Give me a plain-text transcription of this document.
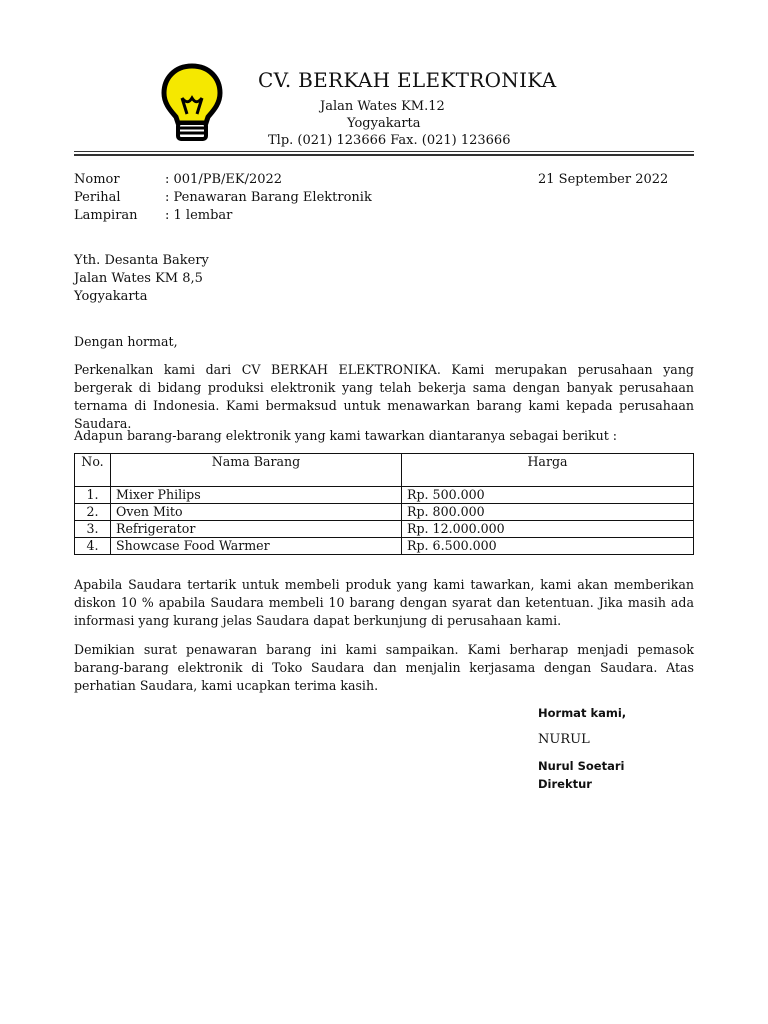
CV. BERKAH ELEKTRONIKA
Jalan Wates KM.12
Yogyakarta
Tlp. (021) 123666 Fax. (021) 123666
Nomor	: 001/PB/EK/2022	21 September 2022
Perihal	: Penawaran Barang Elektronik
Lampiran : 1 lembar
Yth. Desanta Bakery
Jalan Wates KM 8,5
Yogyakarta
Dengan hormat,
Perkenalkan kami dari CV BERKAH ELEKTRONIKA. Kami merupakan perusahaan yang bergerak di bidang produksi elektronik yang telah bekerja sama dengan banyak perusahaan ternama di Indonesia. Kami bermaksud untuk menawarkan barang kami kepada perusahaan Saudara.
Adapun barang-barang elektronik yang kami tawarkan diantaranya sebagai berikut :
No.	Nama Barang	Harga
1.	Mixer Philips	Rp. 500.000
2.	Oven Mito	Rp. 800.000
3.	Refrigerator	Rp. 12.000.000
4.	Showcase Food Warmer	Rp. 6.500.000
Apabila Saudara tertarik untuk membeli produk yang kami tawarkan, kami akan memberikan diskon 10 % apabila Saudara membeli 10 barang dengan syarat dan ketentuan. Jika masih ada informasi yang kurang jelas Saudara dapat berkunjung di perusahaan kami.
Demikian surat penawaran barang ini kami sampaikan. Kami berharap menjadi pemasok barang-barang elektronik di Toko Saudara dan menjalin kerjasama dengan Saudara. Atas perhatian Saudara, kami ucapkan terima kasih.
Hormat kami,
NURUL
Nurul Soetari
Direktur
